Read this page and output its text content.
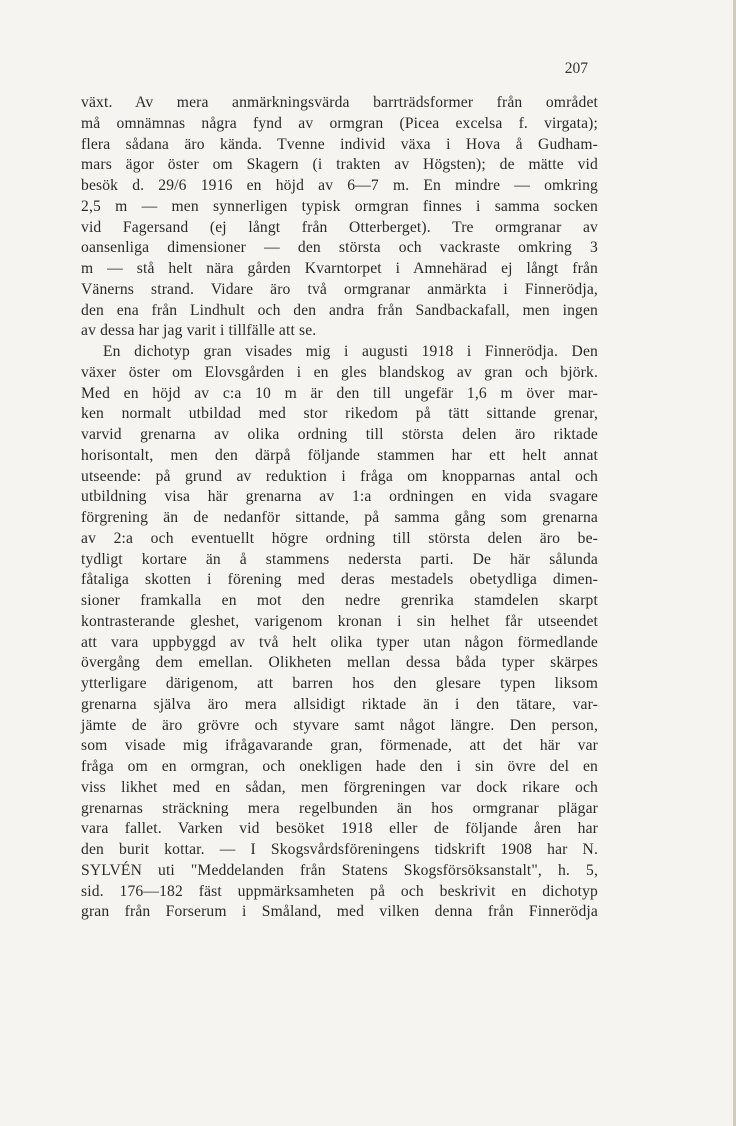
207
växt. Av mera anmärkningsvärda barrträdsformer från området
må omnämnas några fynd av ormgran (Picea excelsa f. virgata);
flera sådana äro kända. Tvenne individ växa i Hova å Gudham-
mars ägor öster om Skagern (i trakten av Högsten); de mätte vid
besök d. 29/6 1916 en höjd av 6—7 m. En mindre — omkring
2,5 m — men synnerligen typisk ormgran finnes i samma socken
vid Fagersand (ej långt från Otterberget). Tre ormgranar av
oansenliga dimensioner — den största och vackraste omkring 3
m — stå helt nära gården Kvarntorpet i Amnehärad ej långt från
Vänerns strand. Vidare äro två ormgranar anmärkta i Finnerödja,
den ena från Lindhult och den andra från Sandbackafall, men ingen
av dessa har jag varit i tillfälle att se.
En dichotyp gran visades mig i augusti 1918 i Finnerödja. Den
växer öster om Elovsgården i en gles blandskog av gran och björk.
Med en höjd av c:a 10 m är den till ungefär 1,6 m över mar-
ken normalt utbildad med stor rikedom på tätt sittande grenar,
varvid grenarna av olika ordning till största delen äro riktade
horisontalt, men den därpå följande stammen har ett helt annat
utseende: på grund av reduktion i fråga om knopparnas antal och
utbildning visa här grenarna av 1:a ordningen en vida svagare
förgrening än de nedanför sittande, på samma gång som grenarna
av 2:a och eventuellt högre ordning till största delen äro be-
tydligt kortare än å stammens nedersta parti. De här sålunda
fåtaliga skotten i förening med deras mestadels obetydliga dimen-
sioner framkalla en mot den nedre grenrika stamdelen skarpt
kontrasterande gleshet, varigenom kronan i sin helhet får utseendet
att vara uppbyggd av två helt olika typer utan någon förmedlande
övergång dem emellan. Olikheten mellan dessa båda typer skärpes
ytterligare därigenom, att barren hos den glesare typen liksom
grenarna själva äro mera allsidigt riktade än i den tätare, var-
jämte de äro grövre och styvare samt något längre. Den person,
som visade mig ifrågavarande gran, förmenade, att det här var
fråga om en ormgran, och onekligen hade den i sin övre del en
viss likhet med en sådan, men förgreningen var dock rikare och
grenarnas sträckning mera regelbunden än hos ormgranar plägar
vara fallet. Varken vid besöket 1918 eller de följande åren har
den burit kottar. — I Skogsvårdsföreningens tidskrift 1908 har N.
SYLVÉN uti "Meddelanden från Statens Skogsförsöksanstalt", h. 5,
sid. 176—182 fäst uppmärksamheten på och beskrivit en dichotyp
gran från Forserum i Småland, med vilken denna från Finnerödja
